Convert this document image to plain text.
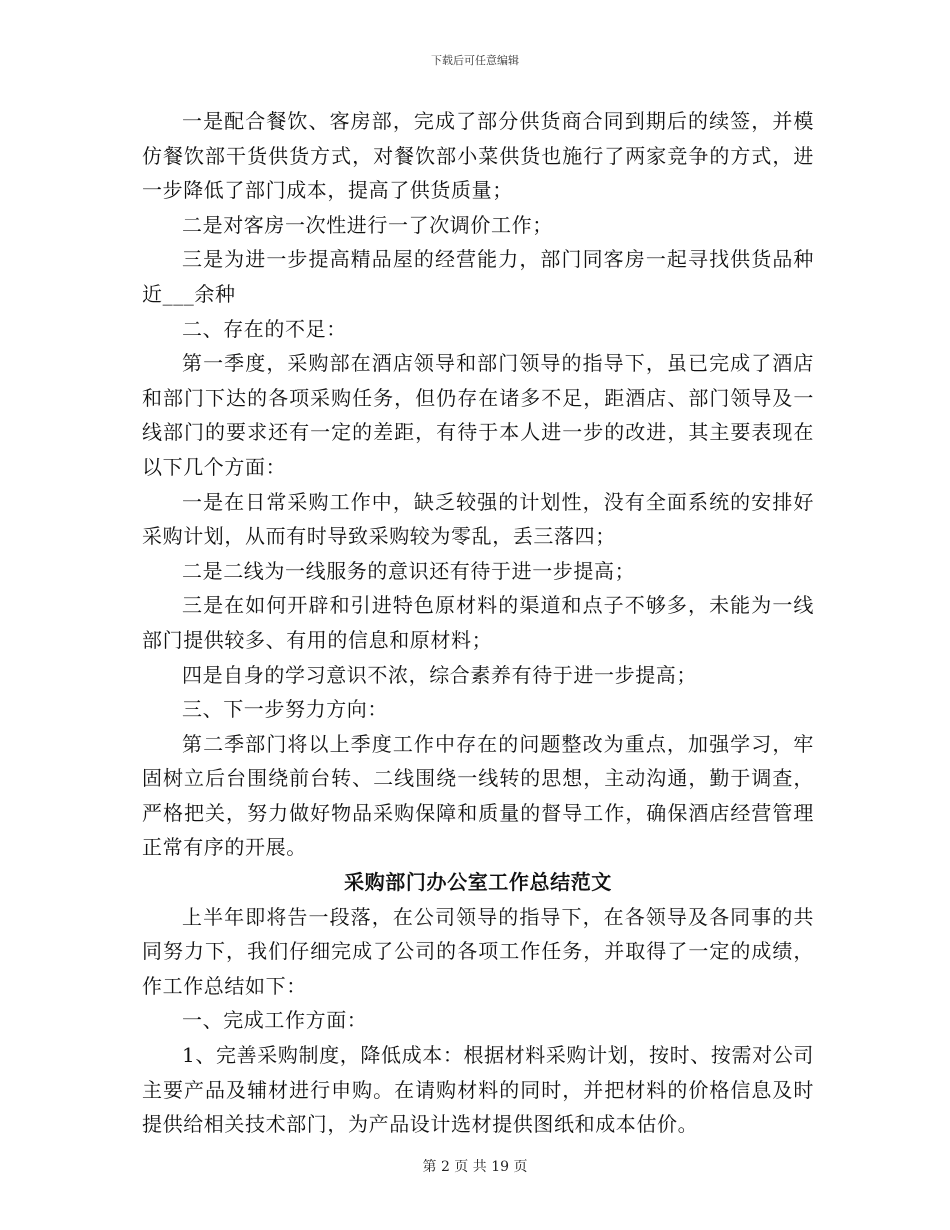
下载后可任意编辑

一是配合餐饮、客房部，完成了部分供货商合同到期后的续签，并模仿餐饮部干货供货方式，对餐饮部小菜供货也施行了两家竞争的方式，进一步降低了部门成本，提高了供货质量；

二是对客房一次性进行一了次调价工作；

三是为进一步提高精品屋的经营能力，部门同客房一起寻找供货品种近___余种

二、存在的不足：

第一季度，采购部在酒店领导和部门领导的指导下，虽已完成了酒店和部门下达的各项采购任务，但仍存在诸多不足，距酒店、部门领导及一线部门的要求还有一定的差距，有待于本人进一步的改进，其主要表现在以下几个方面：

一是在日常采购工作中，缺乏较强的计划性，没有全面系统的安排好采购计划，从而有时导致采购较为零乱，丢三落四；

二是二线为一线服务的意识还有待于进一步提高；

三是在如何开辟和引进特色原材料的渠道和点子不够多，未能为一线部门提供较多、有用的信息和原材料；

四是自身的学习意识不浓，综合素养有待于进一步提高；

三、下一步努力方向：

第二季部门将以上季度工作中存在的问题整改为重点，加强学习，牢固树立后台围绕前台转、二线围绕一线转的思想，主动沟通，勤于调查，严格把关，努力做好物品采购保障和质量的督导工作，确保酒店经营管理正常有序的开展。

采购部门办公室工作总结范文

上半年即将告一段落，在公司领导的指导下，在各领导及各同事的共同努力下，我们仔细完成了公司的各项工作任务，并取得了一定的成绩，作工作总结如下：

一、完成工作方面：

1、完善采购制度，降低成本：根据材料采购计划，按时、按需对公司主要产品及辅材进行申购。在请购材料的同时，并把材料的价格信息及时提供给相关技术部门，为产品设计选材提供图纸和成本估价。

第 2 页 共 19 页
